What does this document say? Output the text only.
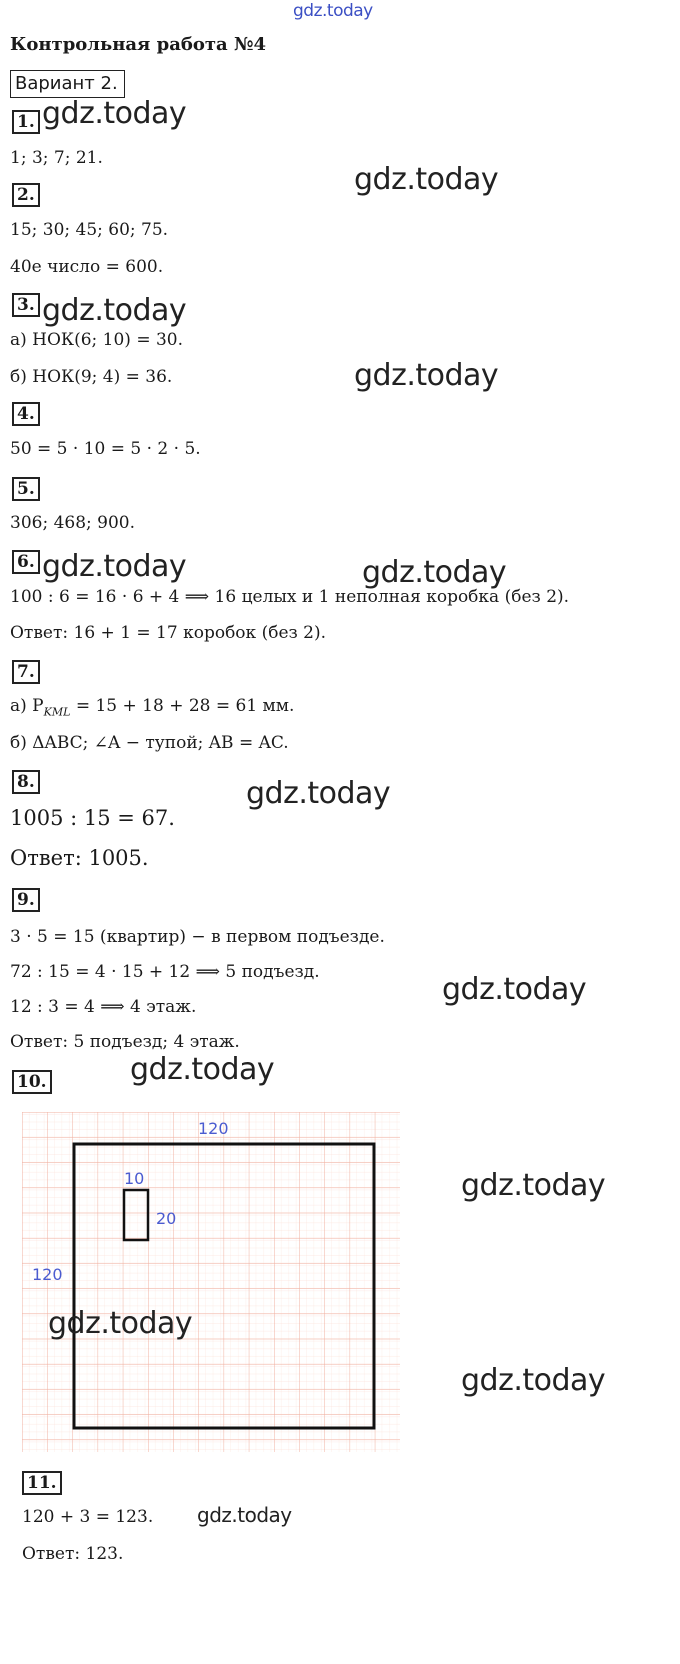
gdz.today
Контрольная работа №4
Вариант 2.
1.
1; 3; 7; 21.
2.
15; 30; 45; 60; 75.
40е число = 600.
3.
а) НОК(6; 10) = 30.
б) НОК(9; 4) = 36.
4.
50 = 5 · 10 = 5 · 2 · 5.
5.
306; 468; 900.
6.
100 : 6 = 16 · 6 + 4 ⟹ 16 целых и 1 неполная коробка (без 2).
Ответ: 16 + 1 = 17 коробок (без 2).
7.
а) $P_{KML} = 15 + 18 + 28 = 61$ мм.
б) ΔABC; ∠A − тупой; AB = AC.
8.
1005 : 15 = 67.
Ответ: 1005.
9.
3 · 5 = 15 (квартир) − в первом подъезде.
72 : 15 = 4 · 15 + 12 ⟹ 5 подъезд.
12 : 3 = 4 ⟹ 4 этаж.
Ответ: 5 подъезд; 4 этаж.
10.
120
10
20
120
11.
120 + 3 = 123.
Ответ: 123.
gdz.today
gdz.today
gdz.today
gdz.today
gdz.today	gdz.today
gdz.today
gdz.today
gdz.today
gdz.today
gdz.today
gdz.today
gdz.today
